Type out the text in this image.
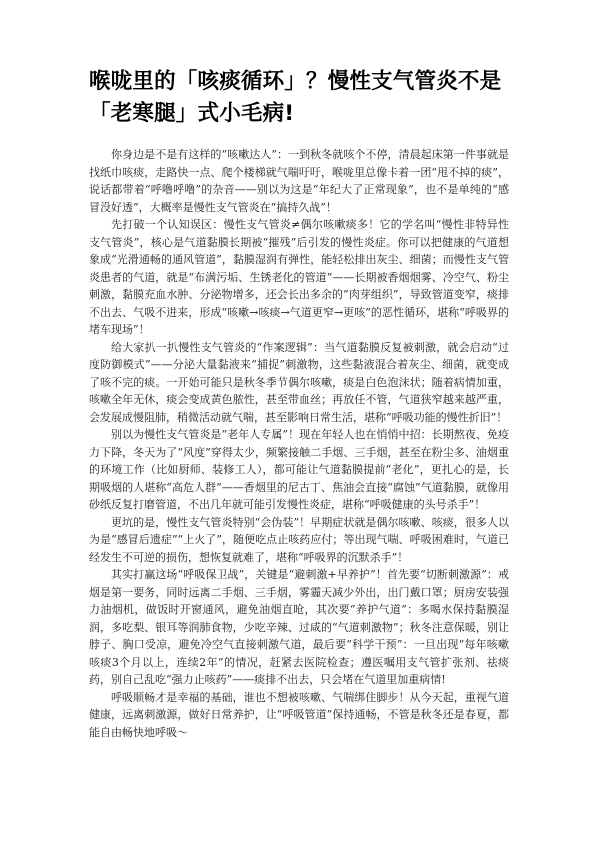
喉咙里的「咳痰循环」？慢性支气管炎不是「老寒腿」式小毛病!

你身边是不是有这样的“咳嗽达人”：一到秋冬就咳个不停，清晨起床第一件事就是找纸巾咳痰，走路快一点、爬个楼梯就气喘吁吁，喉咙里总像卡着一团“甩不掉的痰”，说话都带着“呼噜呼噜”的杂音——别以为这是“年纪大了正常现象”，也不是单纯的“感冒没好透”，大概率是慢性支气管炎在“搞持久战”！

先打破一个认知误区：慢性支气管炎≠偶尔咳嗽痰多！它的学名叫“慢性非特异性支气管炎”，核心是气道黏膜长期被“摧残”后引发的慢性炎症。你可以把健康的气道想象成“光滑通畅的通风管道”，黏膜湿润有弹性，能轻松排出灰尘、细菌；而慢性支气管炎患者的气道，就是“布满污垢、生锈老化的管道”——长期被香烟烟雾、冷空气、粉尘刺激，黏膜充血水肿、分泌物增多，还会长出多余的“肉芽组织”，导致管道变窄，痰排不出去、气吸不进来，形成“咳嗽→咳痰→气道更窄→更咳”的恶性循环，堪称“呼吸界的堵车现场”！

给大家扒一扒慢性支气管炎的“作案逻辑”：当气道黏膜反复被刺激，就会启动“过度防御模式”——分泌大量黏液来“捕捉”刺激物，这些黏液混合着灰尘、细菌，就变成了咳不完的痰。一开始可能只是秋冬季节偶尔咳嗽，痰是白色泡沫状；随着病情加重，咳嗽全年无休，痰会变成黄色脓性，甚至带血丝；再放任不管，气道狭窄越来越严重，会发展成慢阻肺，稍微活动就气喘，甚至影响日常生活，堪称“呼吸功能的慢性折旧”！

别以为慢性支气管炎是“老年人专属”！现在年轻人也在悄悄中招：长期熬夜、免疫力下降，冬天为了“风度”穿得太少，频繁接触二手烟、三手烟，甚至在粉尘多、油烟重的环境工作（比如厨师、装修工人），都可能让气道黏膜提前“老化”，更扎心的是，长期吸烟的人堪称“高危人群”——香烟里的尼古丁、焦油会直接“腐蚀”气道黏膜，就像用砂纸反复打磨管道，不出几年就可能引发慢性炎症，堪称“呼吸健康的头号杀手”！

更坑的是，慢性支气管炎特别“会伪装”！早期症状就是偶尔咳嗽、咳痰，很多人以为是“感冒后遗症”“上火了”，随便吃点止咳药应付；等出现气喘、呼吸困难时，气道已经发生不可逆的损伤，想恢复就难了，堪称“呼吸界的沉默杀手”！

其实打赢这场“呼吸保卫战”，关键是“避刺激+早养护”！首先要“切断刺激源”：戒烟是第一要务，同时远离二手烟、三手烟，雾霾天减少外出，出门戴口罩；厨房安装强力油烟机，做饭时开窗通风，避免油烟直呛，其次要“养护气道”：多喝水保持黏膜湿润，多吃梨、银耳等润肺食物，少吃辛辣、过咸的“气道刺激物”；秋冬注意保暖，别让脖子、胸口受凉，避免冷空气直接刺激气道，最后要“科学干预”：一旦出现“每年咳嗽咳痰3个月以上，连续2年”的情况，赶紧去医院检查；遵医嘱用支气管扩张剂、祛痰药，别自己乱吃“强力止咳药”——痰排不出去，只会堵在气道里加重病情!

呼吸顺畅才是幸福的基础，谁也不想被咳嗽、气喘绑住脚步！从今天起，重视气道健康，远离刺激源，做好日常养护，让“呼吸管道”保持通畅，不管是秋冬还是春夏，都能自由畅快地呼吸～
